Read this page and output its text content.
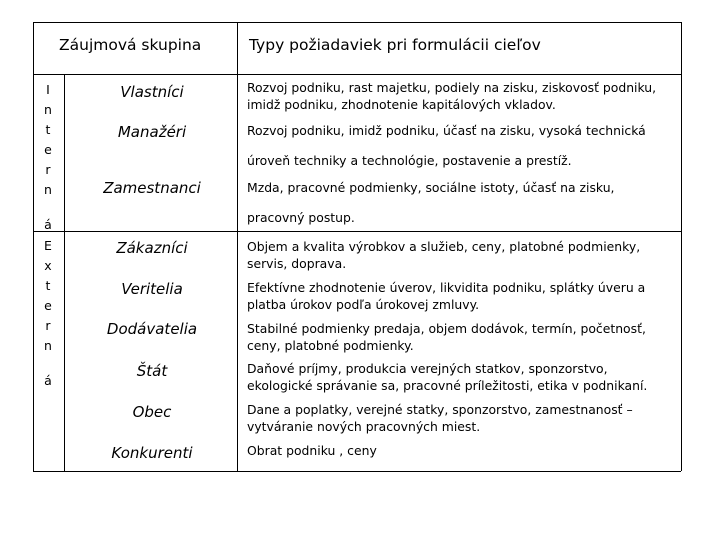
Záujmová skupina	Typy požiadaviek pri formulácii cieľov
I
n
t
e
r
n
á
E
x
t
e
r
n
á
Vlastníci
Manažéri
Zamestnanci
Zákazníci
Veritelia
Dodávatelia
Štát
Obec
Konkurenti
Rozvoj podniku, rast majetku, podiely na zisku, ziskovosť podniku, imidž podniku, zhodnotenie kapitálových vkladov.
Rozvoj podniku, imidž podniku, účasť na zisku, vysoká technická
úroveň techniky a technológie, postavenie a prestíž.
Mzda, pracovné podmienky, sociálne istoty, účasť na zisku,
pracovný postup.
Objem a kvalita výrobkov a služieb, ceny, platobné podmienky, servis, doprava.
Efektívne zhodnotenie úverov, likvidita podniku, splátky úveru a platba úrokov podľa úrokovej zmluvy.
Stabilné podmienky predaja, objem dodávok, termín, početnosť, ceny, platobné podmienky.
Daňové príjmy, produkcia verejných statkov, sponzorstvo, ekologické správanie sa, pracovné príležitosti, etika v podnikaní.
Dane a poplatky, verejné statky, sponzorstvo, zamestnanosť – vytváranie nových pracovných miest.
Obrat podniku , ceny
